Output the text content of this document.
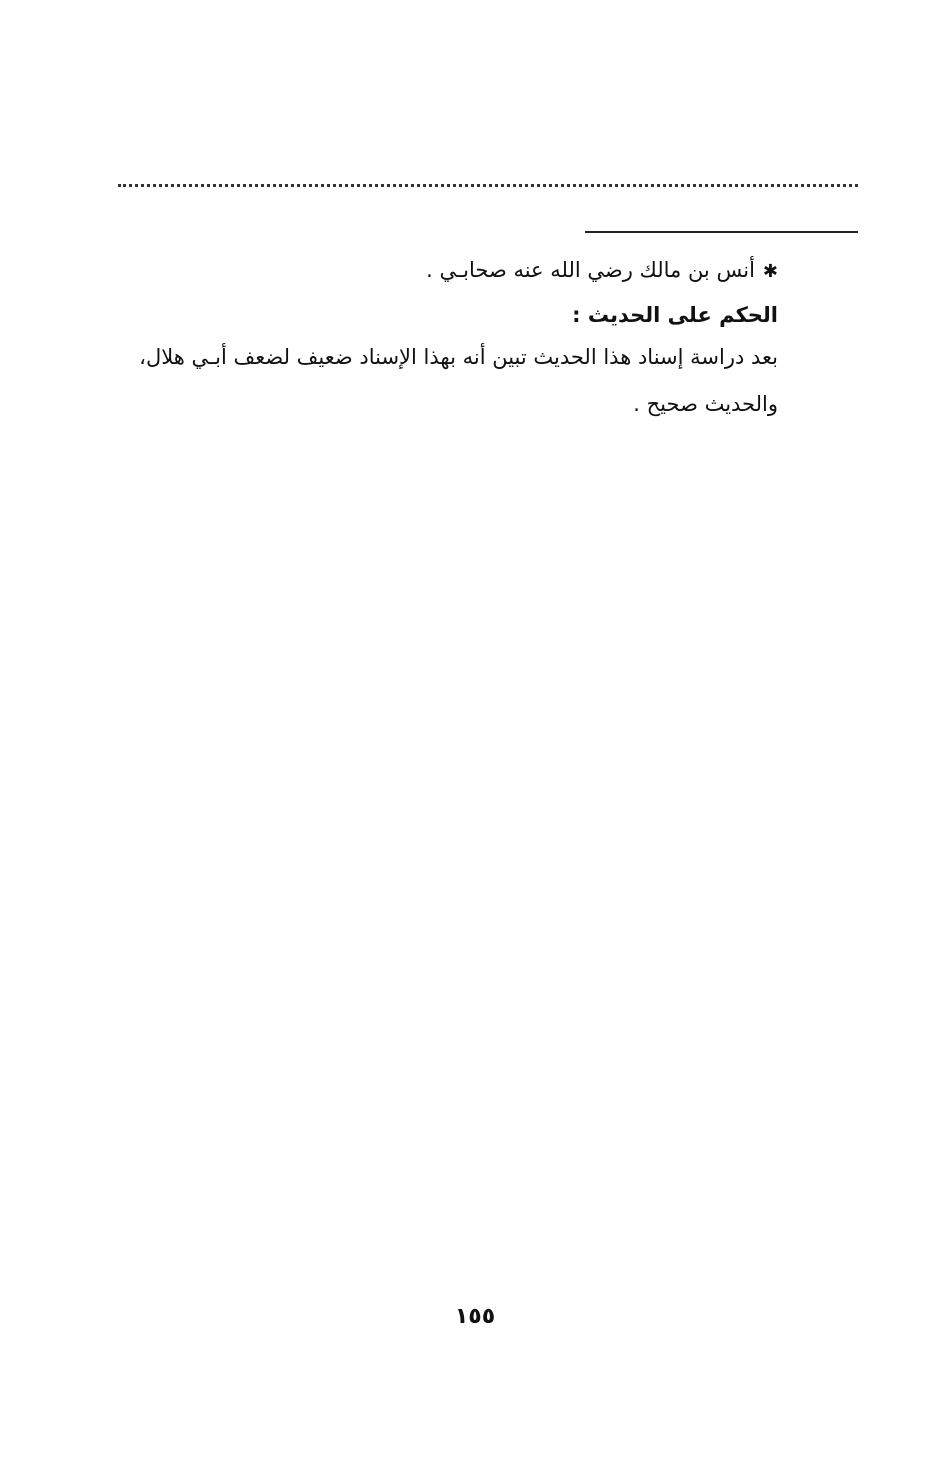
✱أنس بن مالك رضي الله عنه صحابـي .
الحكم على الحديث :
بعد دراسة إسناد هذا الحديث تبين أنه بهذا الإسناد ضعيف لضعف أبـي هلال،
والحديث صحيح .
١٥٥
